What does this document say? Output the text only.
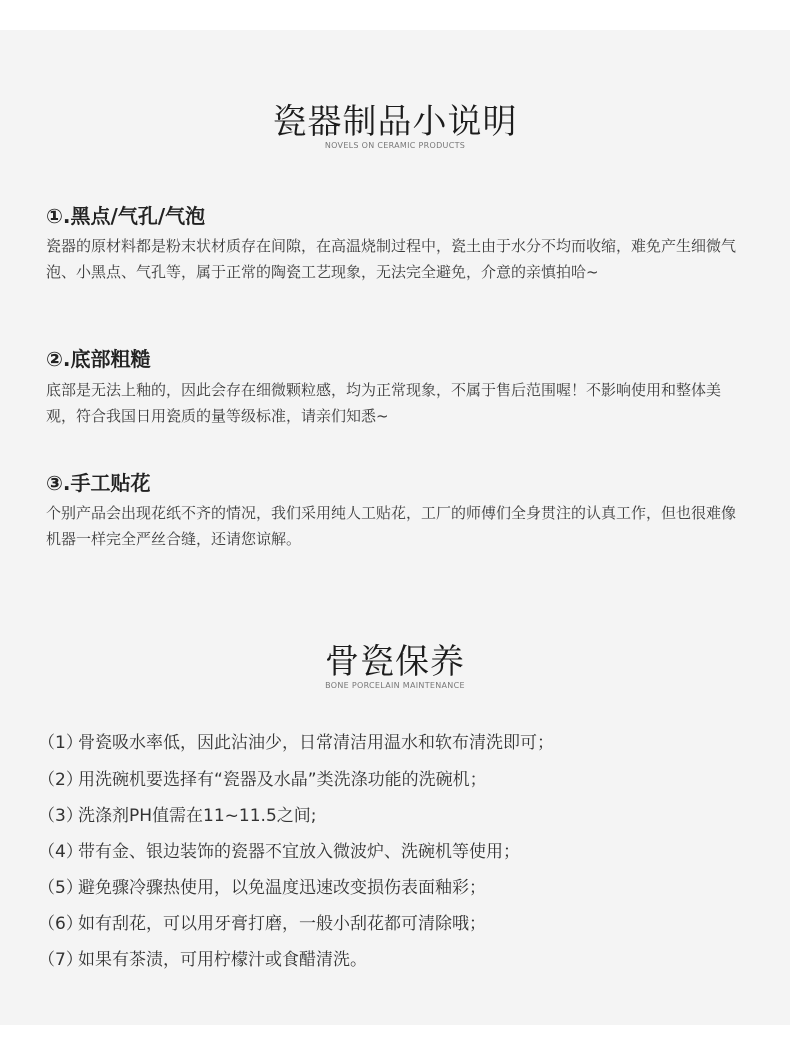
瓷器制品小说明
NOVELS ON CERAMIC PRODUCTS
①.黑点/气孔/气泡
瓷器的原材料都是粉末状材质存在间隙，在高温烧制过程中，瓷土由于水分不均而收缩，难免产生细微气泡、小黑点、气孔等，属于正常的陶瓷工艺现象，无法完全避免，介意的亲慎拍哈~
②.底部粗糙
底部是无法上釉的，因此会存在细微颗粒感，均为正常现象，不属于售后范围喔！不影响使用和整体美观，符合我国日用瓷质的量等级标准，请亲们知悉~
③.手工贴花
个别产品会出现花纸不齐的情况，我们采用纯人工贴花，工厂的师傅们全身贯注的认真工作，但也很难像机器一样完全严丝合缝，还请您谅解。
骨瓷保养
BONE PORCELAIN MAINTENANCE
（1）骨瓷吸水率低，因此沾油少，日常清洁用温水和软布清洗即可；
（2）用洗碗机要选择有“瓷器及水晶”类洗涤功能的洗碗机；
（3）洗涤剂PH值需在11~11.5之间;
（4）带有金、银边装饰的瓷器不宜放入微波炉、洗碗机等使用；
（5）避免骤冷骤热使用，以免温度迅速改变损伤表面釉彩；
（6）如有刮花，可以用牙膏打磨，一般小刮花都可清除哦；
（7）如果有茶渍，可用柠檬汁或食醋清洗。
